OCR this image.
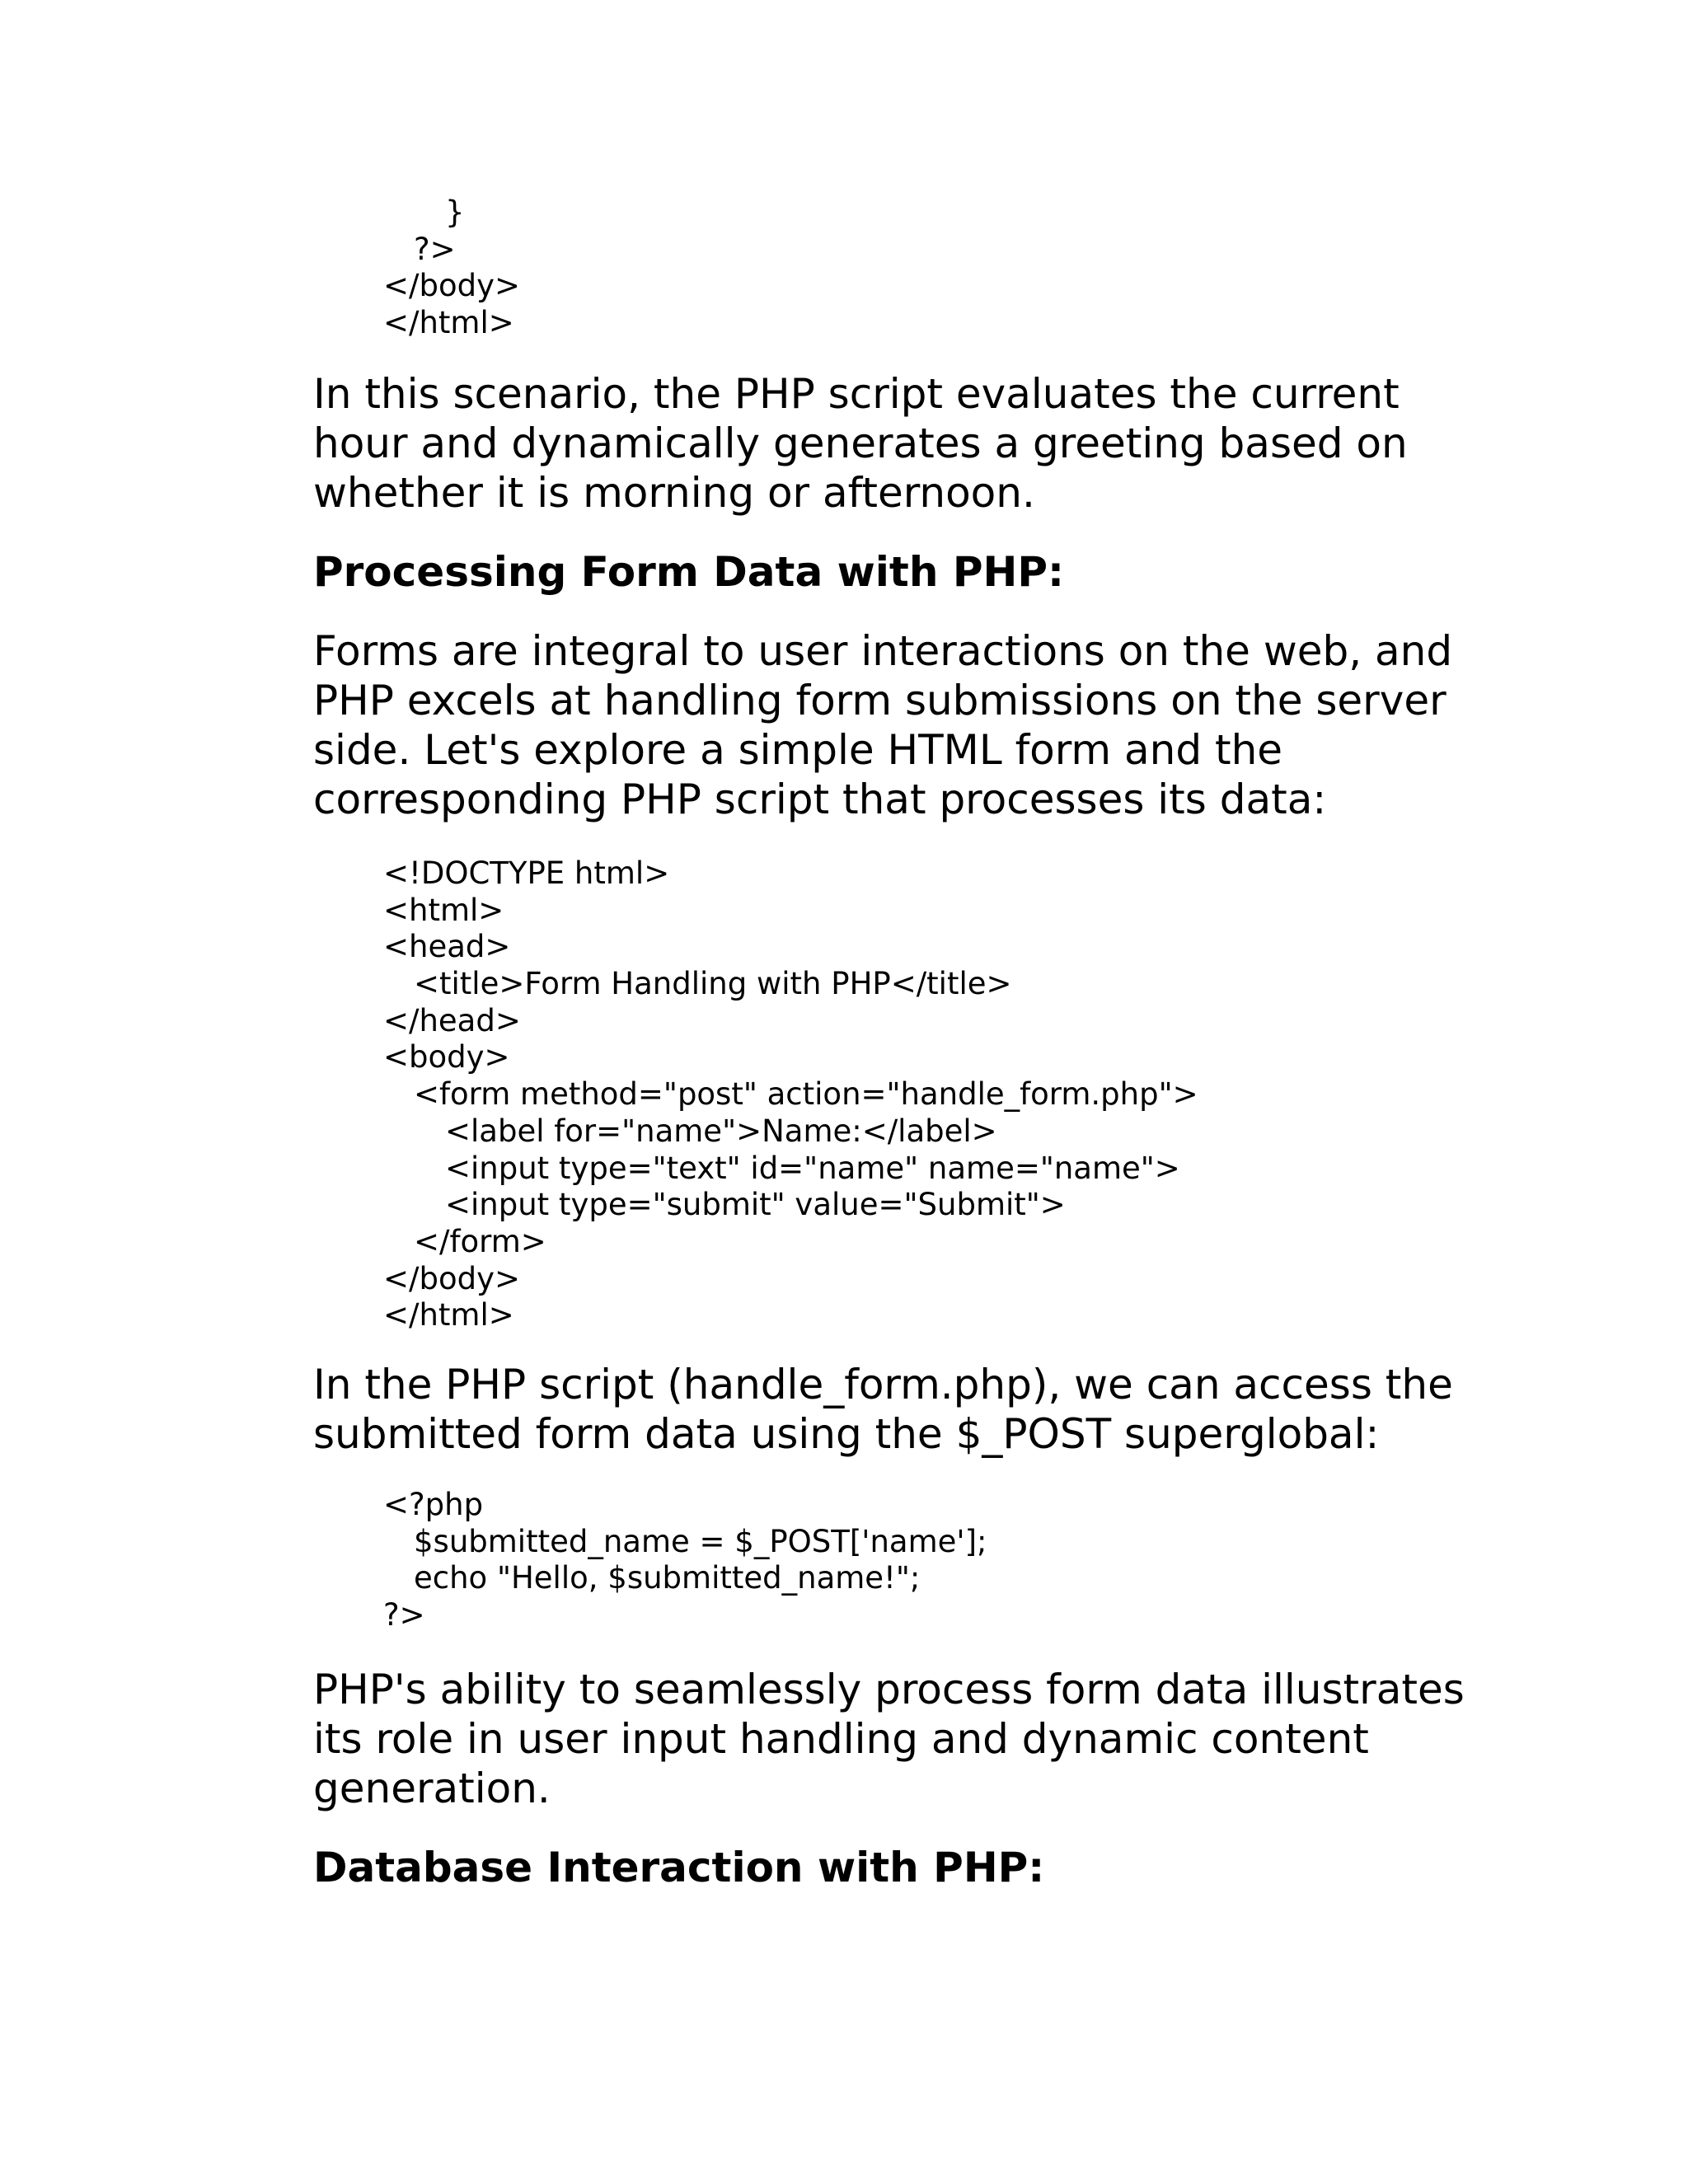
}
?>
</body>
</html>

In this scenario, the PHP script evaluates the current hour and dynamically generates a greeting based on whether it is morning or afternoon.

Processing Form Data with PHP:

Forms are integral to user interactions on the web, and PHP excels at handling form submissions on the server side. Let's explore a simple HTML form and the corresponding PHP script that processes its data:

<!DOCTYPE html>
<html>
<head>
<title>Form Handling with PHP</title>
</head>
<body>
<form method="post" action="handle_form.php">
<label for="name">Name:</label>
<input type="text" id="name" name="name">
<input type="submit" value="Submit">
</form>
</body>
</html>

In the PHP script (handle_form.php), we can access the submitted form data using the $_POST superglobal:

<?php
$submitted_name = $_POST['name'];
echo "Hello, $submitted_name!";
?>

PHP's ability to seamlessly process form data illustrates its role in user input handling and dynamic content generation.

Database Interaction with PHP:
